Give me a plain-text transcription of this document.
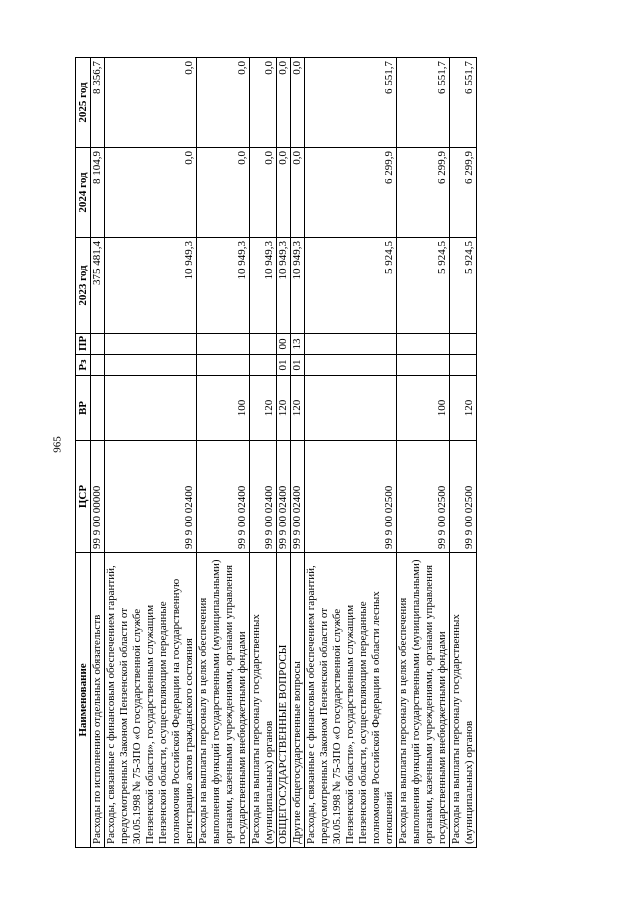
965
Наименование	ЦСР	ВР	Рз	ПР	2023 год	2024 год	2025 год
Расходы по исполнению отдельных обязательств	99 9 00 00000				375 481,4	8 104,9	8 356,7
Расходы, связанные с финансовым обеспечением гарантий, предусмотренных Законом Пензенской области от 30.05.1998 № 75-ЗПО «О государственной службе Пензенской области», государственным служащим Пензенской области, осуществляющим переданные полномочия Российской Федерации на государственную регистрацию актов гражданского состояния	99 9 00 02400				10 949,3	0,0	0,0
Расходы на выплаты персоналу в целях обеспечения выполнения функций государственными (муниципальными) органами, казенными учреждениями, органами управления государственными внебюджетными фондами	99 9 00 02400	100			10 949,3	0,0	0,0
Расходы на выплаты персоналу государственных (муниципальных) органов	99 9 00 02400	120			10 949,3	0,0	0,0
ОБЩЕГОСУДАРСТВЕННЫЕ ВОПРОСЫ	99 9 00 02400	120	01	00	10 949,3	0,0	0,0
Другие общегосударственные вопросы	99 9 00 02400	120	01	13	10 949,3	0,0	0,0
Расходы, связанные с финансовым обеспечением гарантий, предусмотренных Законом Пензенской области от 30.05.1998 № 75-ЗПО «О государственной службе Пензенской области», государственным служащим Пензенской области, осуществляющим переданные полномочия Российской Федерации в области лесных отношений	99 9 00 02500				5 924,5	6 299,9	6 551,7
Расходы на выплаты персоналу в целях обеспечения выполнения функций государственными (муниципальными) органами, казенными учреждениями, органами управления государственными внебюджетными фондами	99 9 00 02500	100			5 924,5	6 299,9	6 551,7
Расходы на выплаты персоналу государственных (муниципальных) органов	99 9 00 02500	120			5 924,5	6 299,9	6 551,7
